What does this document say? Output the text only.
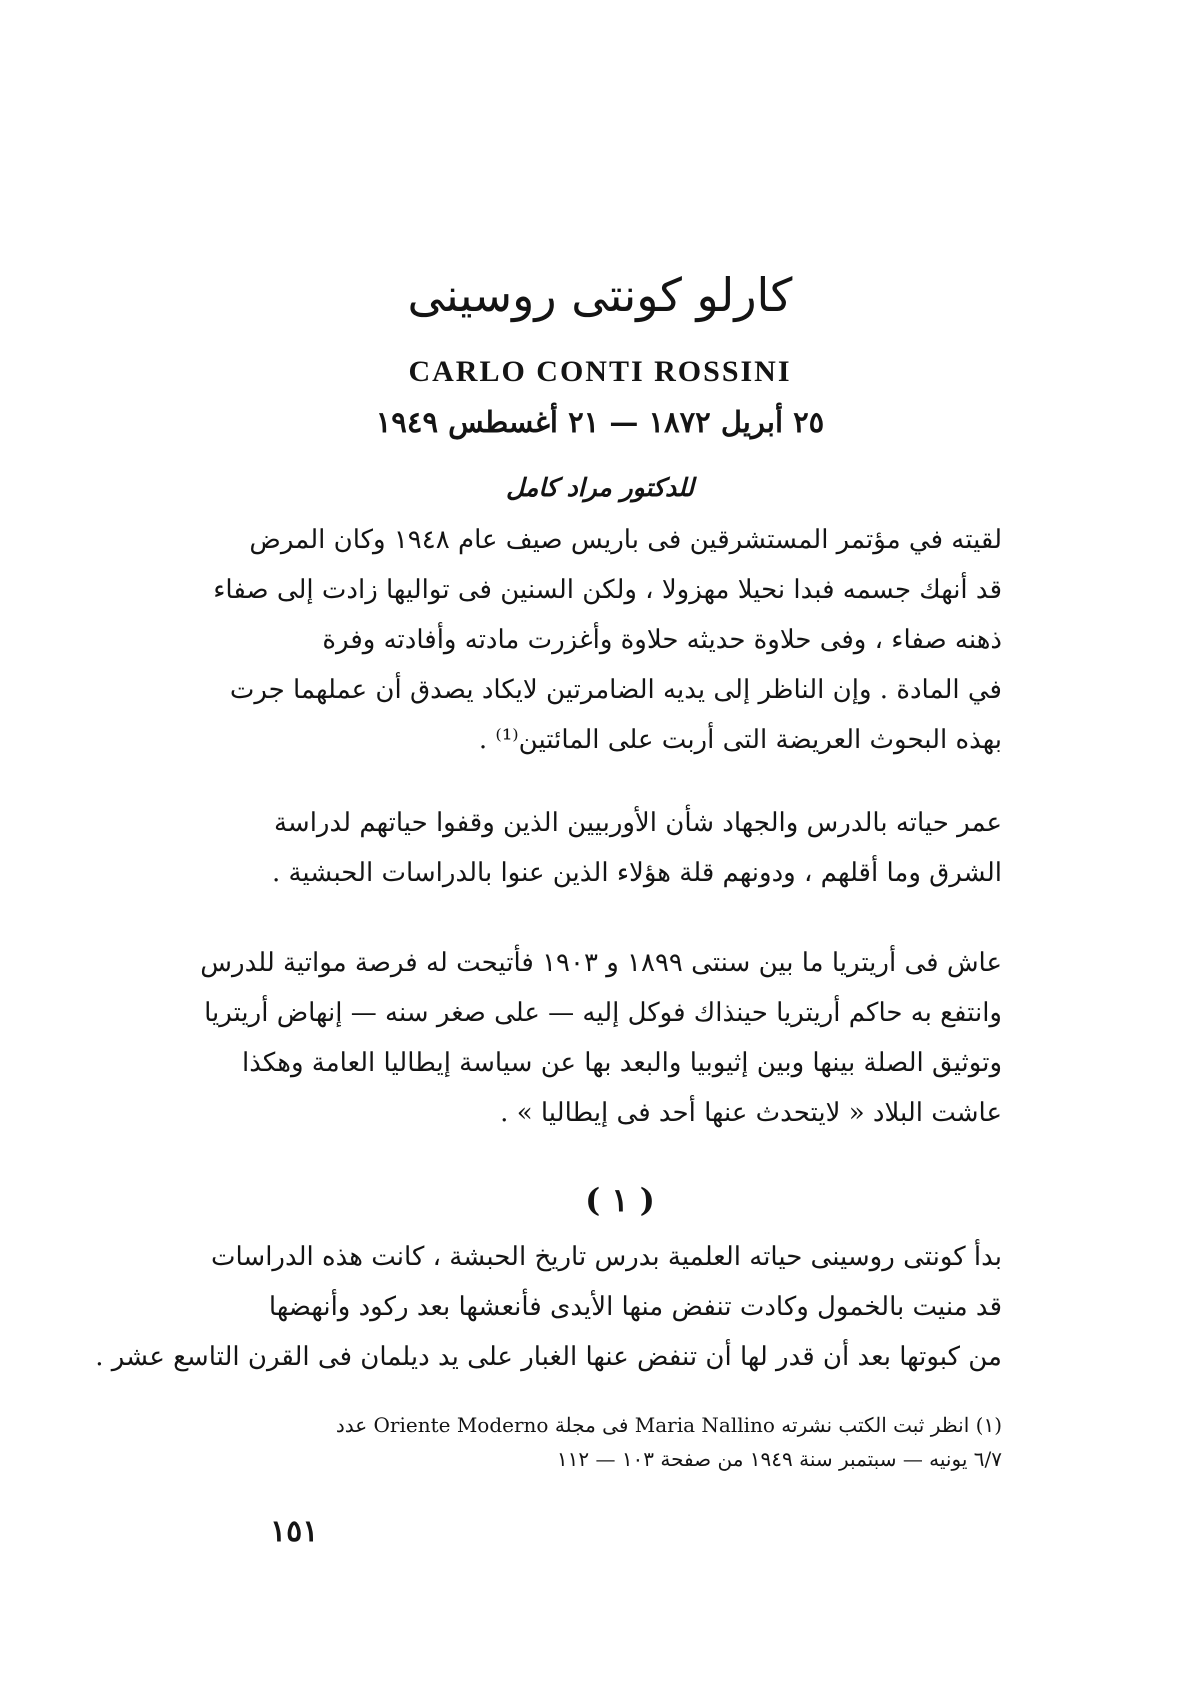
كارلو كونتى روسينى
CARLO CONTI ROSSINI
٢٥ أبريل ١٨٧٢ — ٢١ أغسطس ١٩٤٩
للدكتور مراد كامل
لقيته في مؤتمر المستشرقين فى باريس صيف عام ١٩٤٨ وكان المرض
قد أنهك جسمه فبدا نحيلا مهزولا ، ولكن السنين فى تواليها زادت إلى صفاء
ذهنه صفاء ، وفى حلاوة حديثه حلاوة وأغزرت مادته وأفادته وفرة
في المادة . وإن الناظر إلى يديه الضامرتين لايكاد يصدق أن عملهما جرت
بهذه البحوث العريضة التى أربت على المائتين⁽¹⁾ .
عمر حياته بالدرس والجهاد شأن الأوربيين الذين وقفوا حياتهم لدراسة
الشرق وما أقلهم ، ودونهم قلة هؤلاء الذين عنوا بالدراسات الحبشية .
عاش فى أريتريا ما بين سنتى ١٨٩٩ و ١٩٠٣ فأتيحت له فرصة مواتية للدرس
وانتفع به حاكم أريتريا حينذاك فوكل إليه — على صغر سنه — إنهاض أريتريا
وتوثيق الصلة بينها وبين إثيوبيا والبعد بها عن سياسة إيطاليا العامة وهكذا
عاشت البلاد « لايتحدث عنها أحد فى إيطاليا » .
( ١ )
بدأ كونتى روسينى حياته العلمية بدرس تاريخ الحبشة ، كانت هذه الدراسات
قد منيت بالخمول وكادت تنفض منها الأيدى فأنعشها بعد ركود وأنهضها
من كبوتها بعد أن قدر لها أن تنفض عنها الغبار على يد ديلمان فى القرن التاسع عشر .
(١) انظر ثبت الكتب نشرته Maria Nallino فى مجلة Oriente Moderno عدد
٦/٧ يونيه — سبتمبر سنة ١٩٤٩ من صفحة ١٠٣ — ١١٢
١٥١
